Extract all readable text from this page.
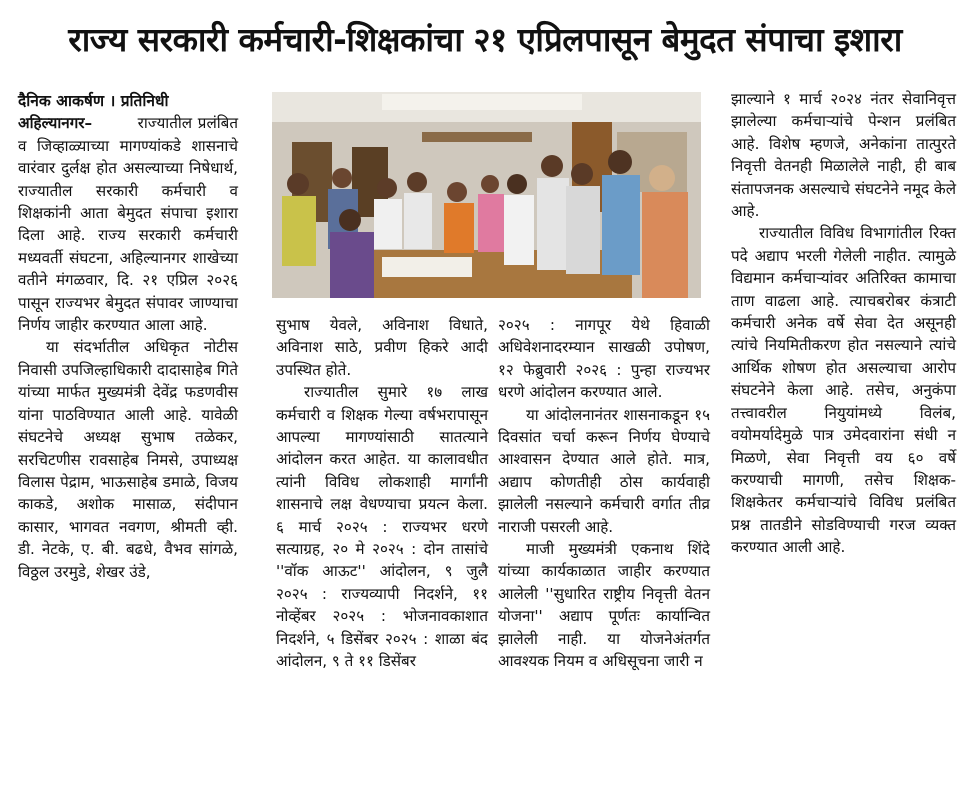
राज्य सरकारी कर्मचारी-शिक्षकांचा २१ एप्रिलपासून बेमुदत संपाचा इशारा

दैनिक आकर्षण । प्रतिनिधी

अहिल्यानगर–	राज्यातील प्रलंबित व जिव्हाळ्याच्या मागण्यांकडे शासनाचे वारंवार दुर्लक्ष होत असल्याच्या निषेधार्थ, राज्यातील सरकारी कर्मचारी व शिक्षकांनी आता बेमुदत संपाचा इशारा दिला आहे. राज्य सरकारी कर्मचारी मध्यवर्ती संघटना, अहिल्यानगर शाखेच्या वतीने मंगळवार, दि. २१ एप्रिल २०२६ पासून राज्यभर बेमुदत संपावर जाण्याचा निर्णय जाहीर करण्यात आला आहे.

या संदर्भातील अधिकृत नोटीस निवासी उपजिल्हाधिकारी दादासाहेब गिते यांच्या मार्फत मुख्यमंत्री देवेंद्र फडणवीस यांना पाठविण्यात आली आहे. यावेळी संघटनेचे अध्यक्ष सुभाष तळेकर, सरचिटणीस रावसाहेब निमसे, उपाध्यक्ष विलास पेद्राम, भाऊसाहेब डमाळे, विजय काकडे, अशोक मासाळ, संदीपान कासार, भागवत नवगण, श्रीमती व्ही. डी. नेटके, ए. बी. बढधे, वैभव सांगळे, विठ्ठल उरमुडे, शेखर उंडे,

सुभाष येवले, अविनाश विधाते, अविनाश साठे, प्रवीण हिकरे आदी उपस्थित होते.

राज्यातील सुमारे १७ लाख कर्मचारी व शिक्षक गेल्या वर्षभरापासून आपल्या मागण्यांसाठी सातत्याने आंदोलन करत आहेत. या कालावधीत त्यांनी विविध लोकशाही मार्गांनी शासनाचे लक्ष वेधण्याचा प्रयत्न केला. ६ मार्च २०२५ : राज्यभर धरणे सत्याग्रह, २० मे २०२५ : दोन तासांचे ''वॉक आऊट'' आंदोलन, ९ जुलै २०२५ : राज्यव्यापी निदर्शने, ११ नोव्हेंबर २०२५ : भोजनावकाशात निदर्शने, ५ डिसेंबर २०२५ : शाळा बंद आंदोलन, ९ ते ११ डिसेंबर

२०२५ : नागपूर येथे हिवाळी अधिवेशनादरम्यान साखळी उपोषण, १२ फेब्रुवारी २०२६ : पुन्हा राज्यभर धरणे आंदोलन करण्यात आले.

या आंदोलनानंतर शासनाकडून १५ दिवसांत चर्चा करून निर्णय घेण्याचे आश्वासन देण्यात आले होते. मात्र, अद्याप कोणतीही ठोस कार्यवाही झालेली नसल्याने कर्मचारी वर्गात तीव्र नाराजी पसरली आहे.

माजी मुख्यमंत्री एकनाथ शिंदे यांच्या कार्यकाळात जाहीर करण्यात आलेली ''सुधारित राष्ट्रीय निवृत्ती वेतन योजना'' अद्याप पूर्णतः कार्यान्वित झालेली नाही. या योजनेअंतर्गत आवश्यक नियम व अधिसूचना जारी न

झाल्याने १ मार्च २०२४ नंतर सेवानिवृत्त झालेल्या कर्मचाऱ्यांचे पेन्शन प्रलंबित आहे. विशेष म्हणजे, अनेकांना तात्पुरते निवृत्ती वेतनही मिळालेले नाही, ही बाब संतापजनक असल्याचे संघटनेने नमूद केले आहे.

राज्यातील विविध विभागांतील रिक्त पदे अद्याप भरली गेलेली नाहीत. त्यामुळे विद्यमान कर्मचाऱ्यांवर अतिरिक्त कामाचा ताण वाढला आहे. त्याचबरोबर कंत्राटी कर्मचारी अनेक वर्षे सेवा देत असूनही त्यांचे नियमितीकरण होत नसल्याने त्यांचे आर्थिक शोषण होत असल्याचा आरोप संघटनेने केला आहे. तसेच, अनुकंपा तत्त्वावरील नियुयांमध्ये विलंब, वयोमर्यादेमुळे पात्र उमेदवारांना संधी न मिळणे, सेवा निवृत्ती वय ६० वर्षे करण्याची मागणी, तसेच शिक्षक-शिक्षकेतर कर्मचाऱ्यांचे विविध प्रलंबित प्रश्न तातडीने सोडविण्याची गरज व्यक्त करण्यात आली आहे.
